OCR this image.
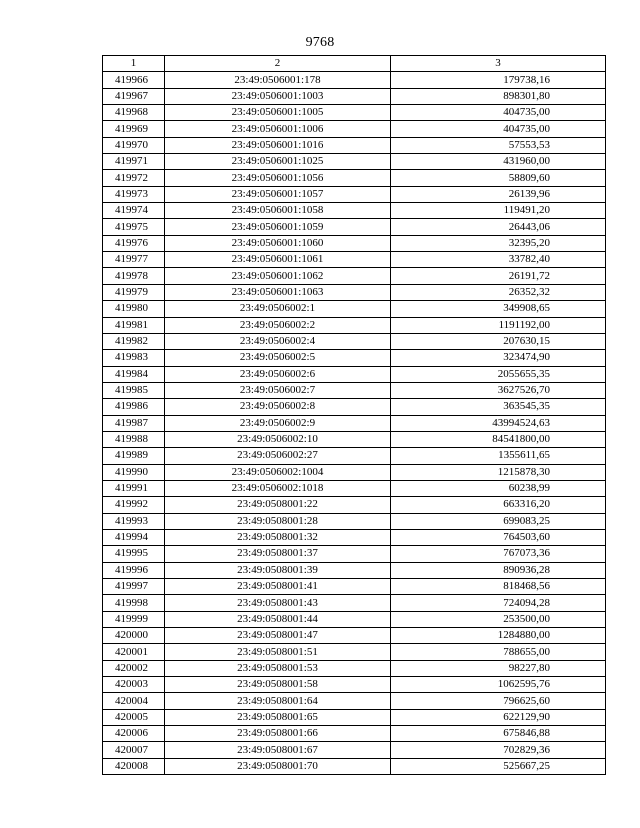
9768
1	2	3
419966	23:49:0506001:178	179738,16
419967	23:49:0506001:1003	898301,80
419968	23:49:0506001:1005	404735,00
419969	23:49:0506001:1006	404735,00
419970	23:49:0506001:1016	57553,53
419971	23:49:0506001:1025	431960,00
419972	23:49:0506001:1056	58809,60
419973	23:49:0506001:1057	26139,96
419974	23:49:0506001:1058	119491,20
419975	23:49:0506001:1059	26443,06
419976	23:49:0506001:1060	32395,20
419977	23:49:0506001:1061	33782,40
419978	23:49:0506001:1062	26191,72
419979	23:49:0506001:1063	26352,32
419980	23:49:0506002:1	349908,65
419981	23:49:0506002:2	1191192,00
419982	23:49:0506002:4	207630,15
419983	23:49:0506002:5	323474,90
419984	23:49:0506002:6	2055655,35
419985	23:49:0506002:7	3627526,70
419986	23:49:0506002:8	363545,35
419987	23:49:0506002:9	43994524,63
419988	23:49:0506002:10	84541800,00
419989	23:49:0506002:27	1355611,65
419990	23:49:0506002:1004	1215878,30
419991	23:49:0506002:1018	60238,99
419992	23:49:0508001:22	663316,20
419993	23:49:0508001:28	699083,25
419994	23:49:0508001:32	764503,60
419995	23:49:0508001:37	767073,36
419996	23:49:0508001:39	890936,28
419997	23:49:0508001:41	818468,56
419998	23:49:0508001:43	724094,28
419999	23:49:0508001:44	253500,00
420000	23:49:0508001:47	1284880,00
420001	23:49:0508001:51	788655,00
420002	23:49:0508001:53	98227,80
420003	23:49:0508001:58	1062595,76
420004	23:49:0508001:64	796625,60
420005	23:49:0508001:65	622129,90
420006	23:49:0508001:66	675846,88
420007	23:49:0508001:67	702829,36
420008	23:49:0508001:70	525667,25
